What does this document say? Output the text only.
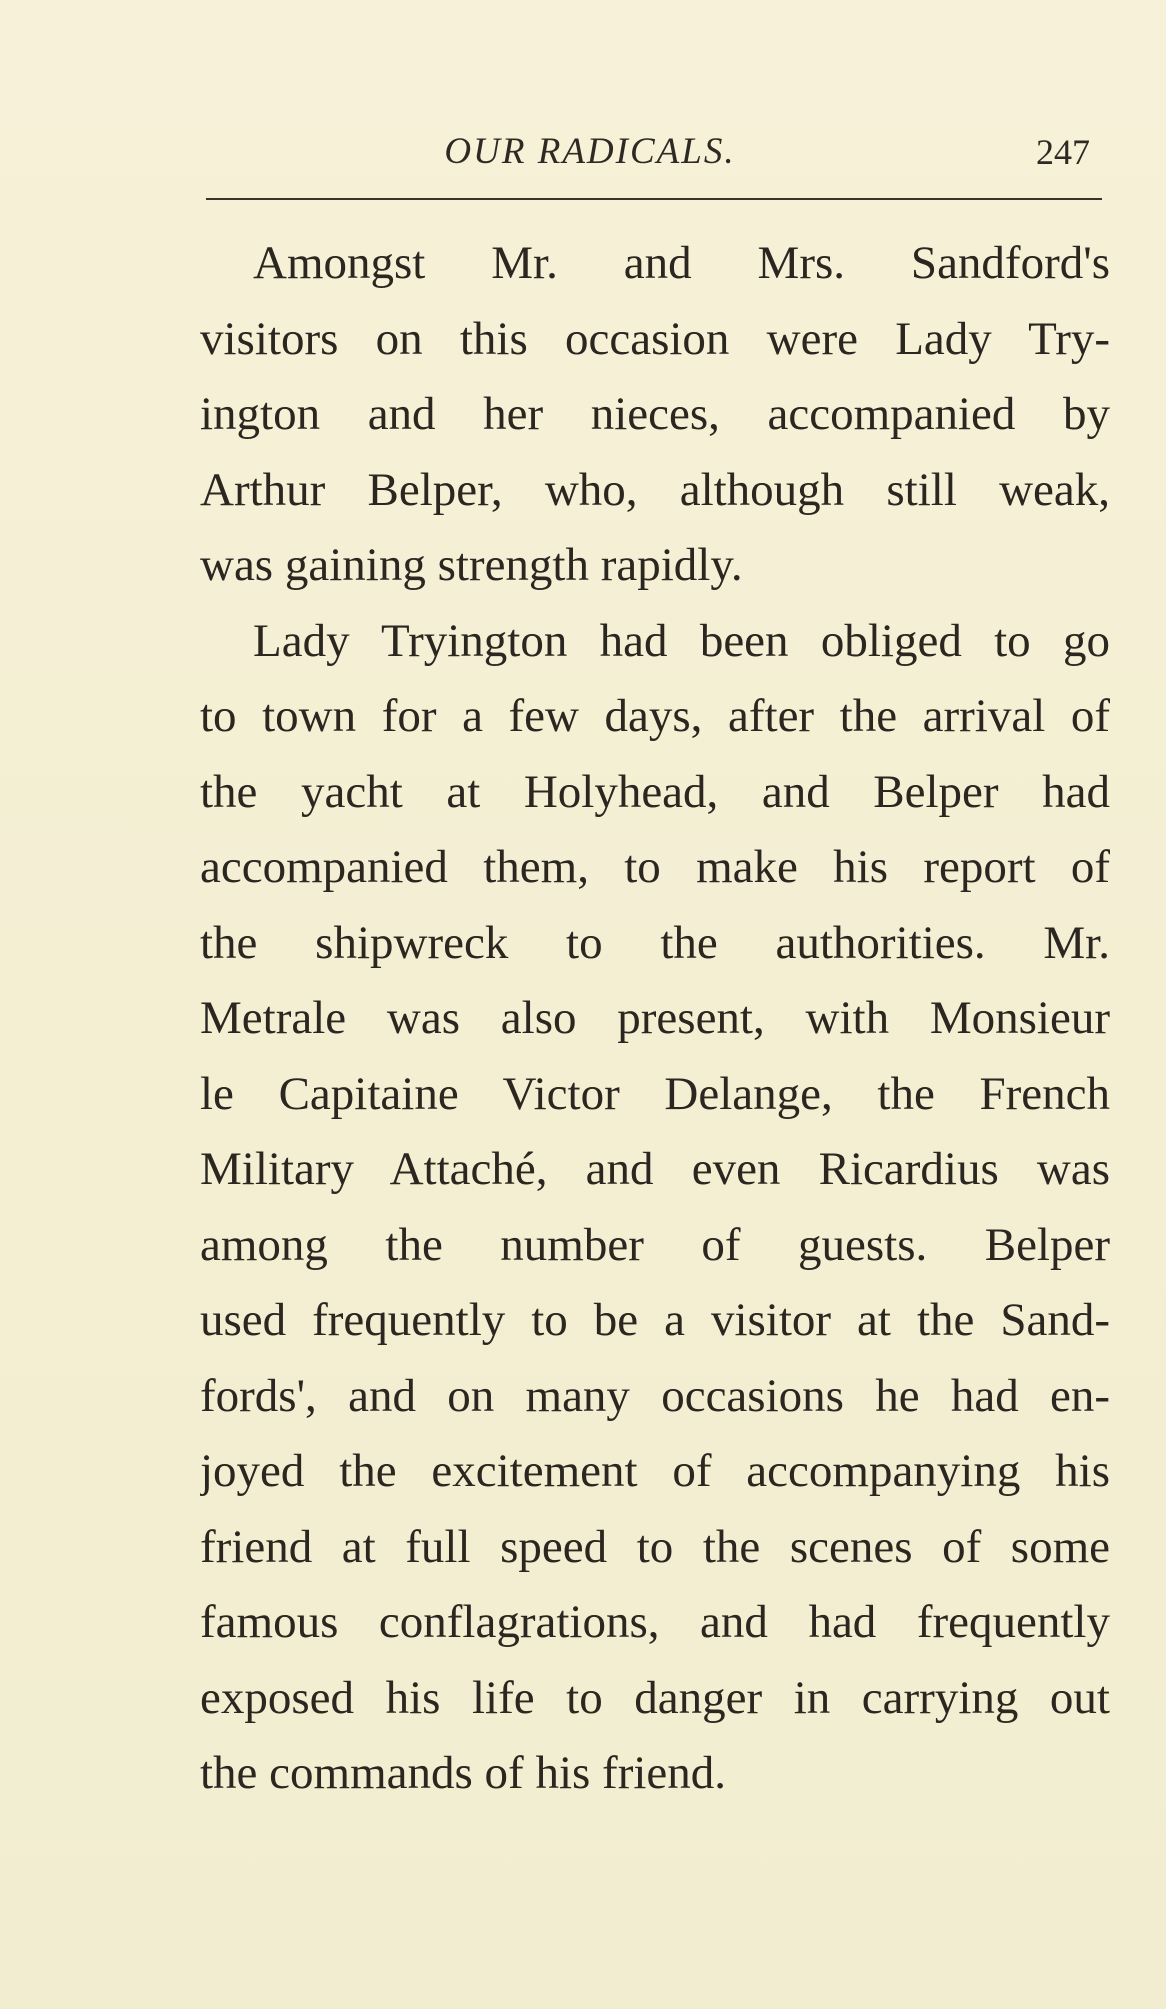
OUR RADICALS.	247
Amongst Mr. and Mrs. Sandford's
visitors on this occasion were Lady Try-
ington and her nieces, accompanied by
Arthur Belper, who, although still weak,
was gaining strength rapidly.
Lady Tryington had been obliged to go
to town for a few days, after the arrival of
the yacht at Holyhead, and Belper had
accompanied them, to make his report of
the shipwreck to the authorities. Mr.
Metrale was also present, with Monsieur
le Capitaine Victor Delange, the French
Military Attaché, and even Ricardius was
among the number of guests. Belper
used frequently to be a visitor at the Sand-
fords', and on many occasions he had en-
joyed the excitement of accompanying his
friend at full speed to the scenes of some
famous conflagrations, and had frequently
exposed his life to danger in carrying out
the commands of his friend.
